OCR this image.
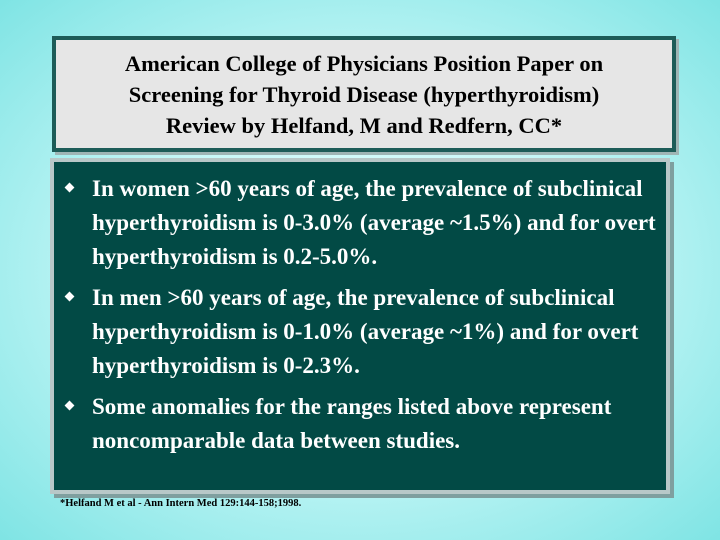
American College of Physicians Position Paper on
Screening for Thyroid Disease (hyperthyroidism)
Review by Helfand, M and Redfern, CC*
In women >60 years of age, the prevalence of subclinical hyperthyroidism is 0-3.0% (average ~1.5%) and for overt hyperthyroidism is 0.2-5.0%.
In men >60 years of age, the prevalence of subclinical hyperthyroidism is 0-1.0% (average ~1%) and for overt hyperthyroidism is 0-2.3%.
Some anomalies for the ranges listed above represent noncomparable data between studies.
*Helfand M et al - Ann Intern Med 129:144-158;1998.
